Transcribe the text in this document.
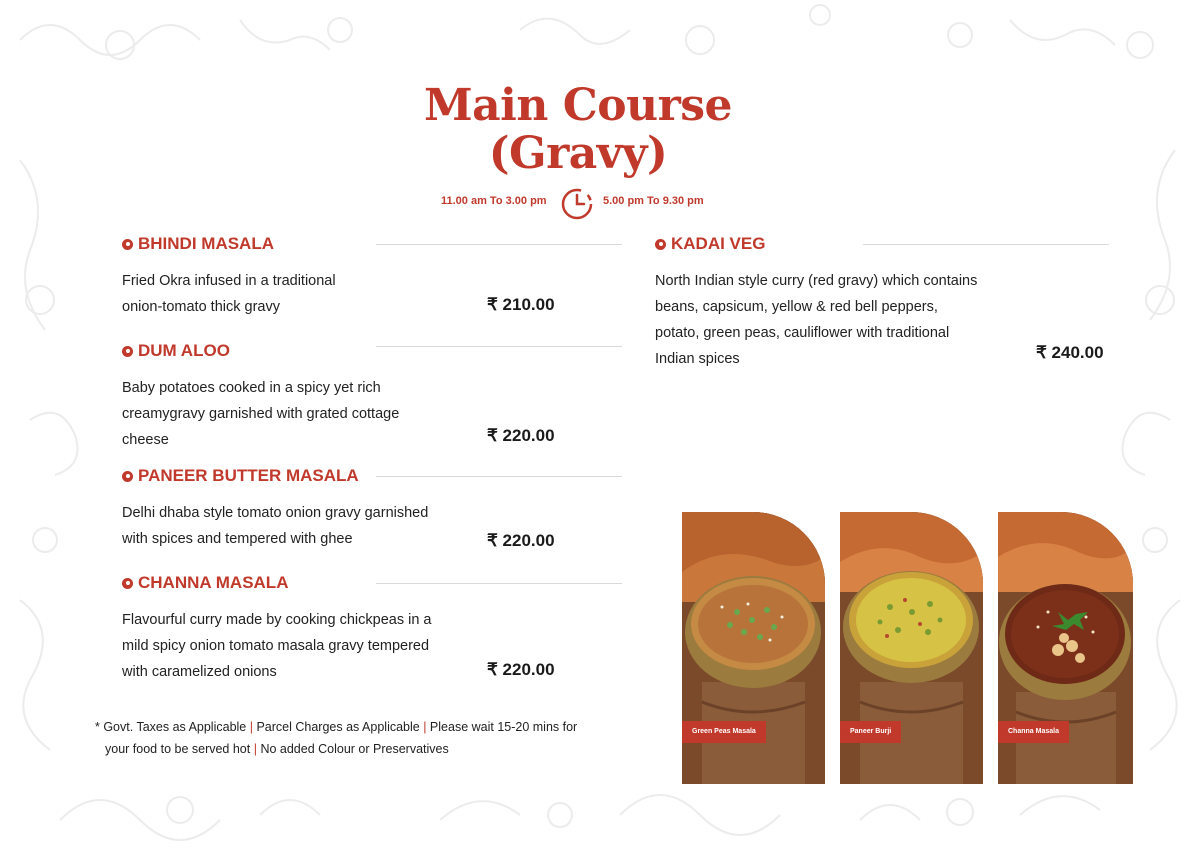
Main Course
(Gravy)
11.00 am To 3.00 pm	5.00 pm To 9.30 pm
BHINDI MASALA
Fried Okra infused in a traditional
onion-tomato thick gravy	₹ 210.00
DUM ALOO
Baby potatoes cooked in a spicy yet rich
creamygravy garnished with grated cottage
cheese	₹ 220.00
PANEER BUTTER MASALA
Delhi dhaba style tomato onion gravy garnished
with spices and tempered with ghee	₹ 220.00
CHANNA MASALA
Flavourful curry made by cooking chickpeas in a
mild spicy onion tomato masala gravy tempered
with caramelized onions	₹ 220.00
KADAI VEG
North Indian style curry (red gravy) which contains
beans, capsicum, yellow & red bell peppers,
potato, green peas, cauliflower with traditional
Indian spices	₹ 240.00
* Govt. Taxes as Applicable | Parcel Charges as Applicable | Please wait 15-20 mins for
your food to be served hot | No added Colour or Preservatives
Green Peas Masala	Paneer Burji	Channa Masala
